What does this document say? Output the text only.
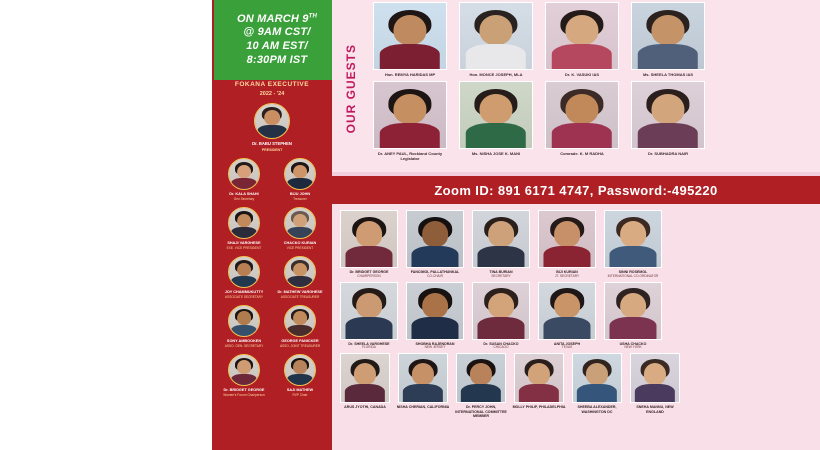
FOKANA EXECUTIVE
2022 - '24
Dr. BABU STEPHEN
PRESIDENT
Dr. KALA SHAHI
Gen Secretary
BIJU JOHN
Treasurer
SHAJI VARGHESE
EXE. VICE PRESIDENT
CHACKO KURIAN
VICE PRESIDENT
JOY CHAMMUKUTTY
ASSOCIATE SECRETARY
Dr. MATHEW VARGHESE
ASSOCIATE TREASURER
SONY AMBOOKEN
ASSO. GEN. SECRETARY
GEORGE PANICKER
ASSO. JOINT TREASURER
Dr. BRIDGET GEORGE
Women's Forum Chairperson
SAJI MATHEW
RVP Chair
ON MARCH 9TH
@ 9AM CST/
10 AM EST/
8:30PM IST	OUR GUESTS	Hon. REMYA HARIDAS MP	Hon. MONCE JOSEPH, MLA	Dr. K. VASUKI IAS	Ms. SHEELA THOMAS IAS
Dr. ANEY PAUL, Rockland County Legislator
Ms. NISHA JOSE K. MANI	Comrade. K. M RADHA	Dr. SUBHADRA NAIR
Zoom ID: 891 6171 4747, Password:-495220
Dr. BRIDGET GEORGE
CHAIRPERSON
FANCIMOL PALLATHUNKAL
CO-CHAIR
TINA BURIAN
SECRETARY
BIJI KURIAN
JT. SECRETARY
SINNI ROSEMOL
INTERNATIONAL CO-ORDINATOR
Dr. SHEELA VARGHESE
FLORIDA
SHOBHA RAJENDRAN
NEW JERSEY
Dr. SUSAN CHACKO
CHICAGO
ANITA JOSEPH
TEXAS
USHA CHACKO
NEW YORK
ARUS JYOTHI, CANADA	NISHA CHERIAN, CALIFORNIA	Dr. PERCY JOHN, INTERNATIONAL COMMITTEE MEMBER
MOLLY PHILIP, PHILADELPHIA	SHEEBA ALEXANDER, WASHINGTON DC
SNEHA MANNU, NEW ENGLAND
